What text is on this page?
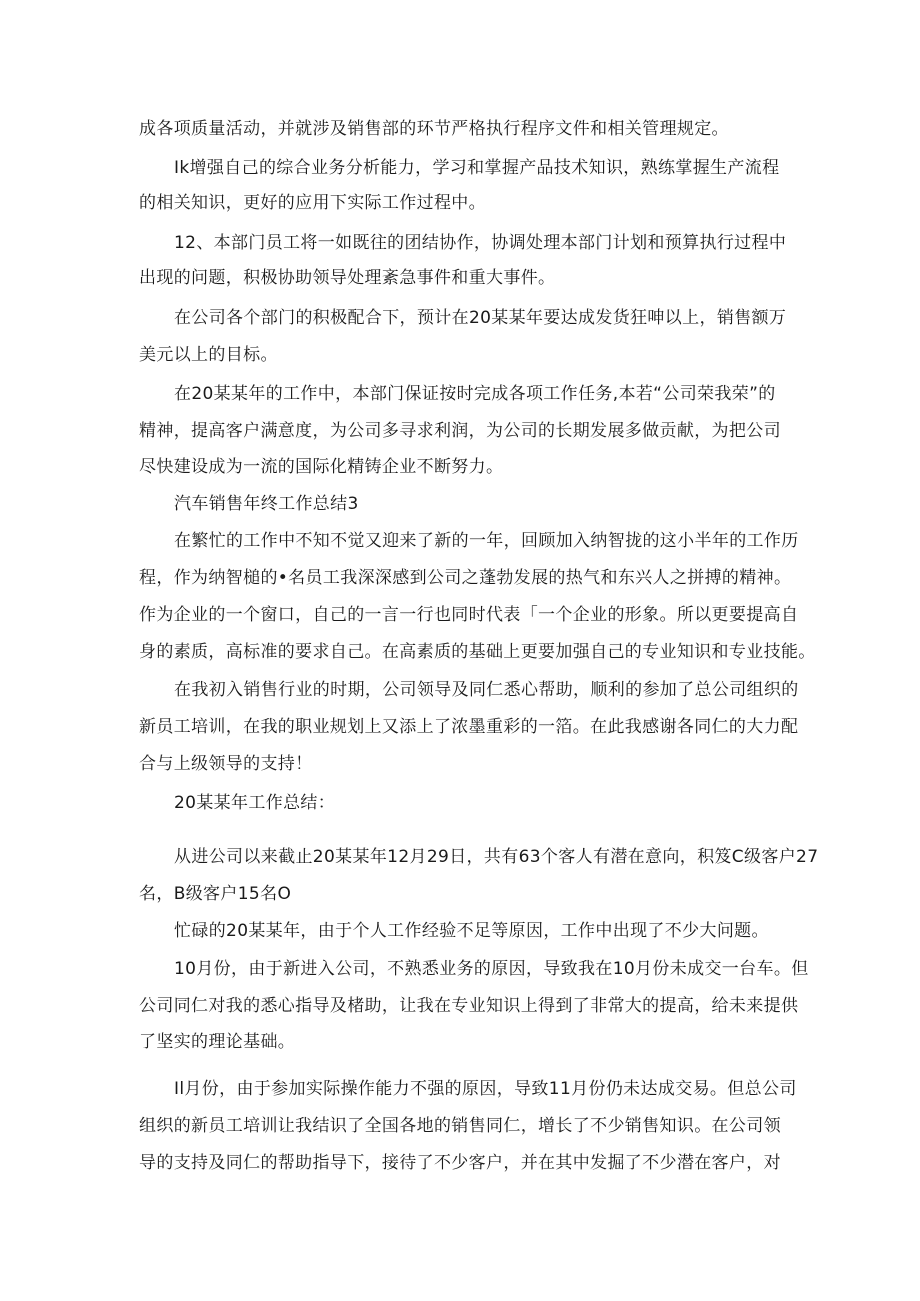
成各项质量活动，并就涉及销售部的环节严格执行程序文件和相关管理规定。

Ik增强自己的综合业务分析能力，学习和掌握产品技术知识，熟练掌握生产流程

的相关知识，更好的应用下实际工作过程中。

12、本部门员工将一如既往的团结协作，协调处理本部门计划和预算执行过程中

出现的问题，积极协助领导处理紊急事件和重大事件。

在公司各个部门的积极配合下，预计在20某某年要达成发货狂呻以上，销售额万

美元以上的目标。

在20某某年的工作中，本部门保证按时完成各项工作任务,本若“公司荣我荣”的

精神，提高客户满意度，为公司多寻求利润，为公司的长期发展多做贡献，为把公司

尽快建设成为一流的国际化精铸企业不断努力。

汽车销售年终工作总结3

在繁忙的工作中不知不觉又迎来了新的一年，回顾加入纳智拢的这小半年的工作历

程，作为纳智槌的•名员工我深深感到公司之蓬勃发展的热气和东兴人之拼搏的精神。

作为企业的一个窗口，自己的一言一行也同时代表「一个企业的形象。所以更要提高自

身的素质，高标准的要求自己。在高素质的基础上更要加强自己的专业知识和专业技能。

在我初入销售行业的时期，公司领导及同仁悉心帮助，顺利的参加了总公司组织的

新员工培训，在我的职业规划上又添上了浓墨重彩的一箔。在此我感谢各同仁的大力配

合与上级领导的支持！

20某某年工作总结：

从进公司以来截止20某某年12月29日，共有63个客人有潜在意向，积笈C级客户27

名，B级客户15名O

忙碌的20某某年，由于个人工作经验不足等原因，工作中出现了不少大问题。

10月份，由于新进入公司，不熟悉业务的原因，导致我在10月份未成交一台车。但

公司同仁对我的悉心指导及楮助，让我在专业知识上得到了非常大的提高，给未来提供

了坚实的理论基础。

Il月份，由于参加实际操作能力不强的原因，导致11月份仍未达成交易。但总公司

组织的新员工培训让我结识了全国各地的销售同仁，增长了不少销售知识。在公司领

导的支持及同仁的帮助指导下，接待了不少客户，并在其中发掘了不少潜在客户，对
